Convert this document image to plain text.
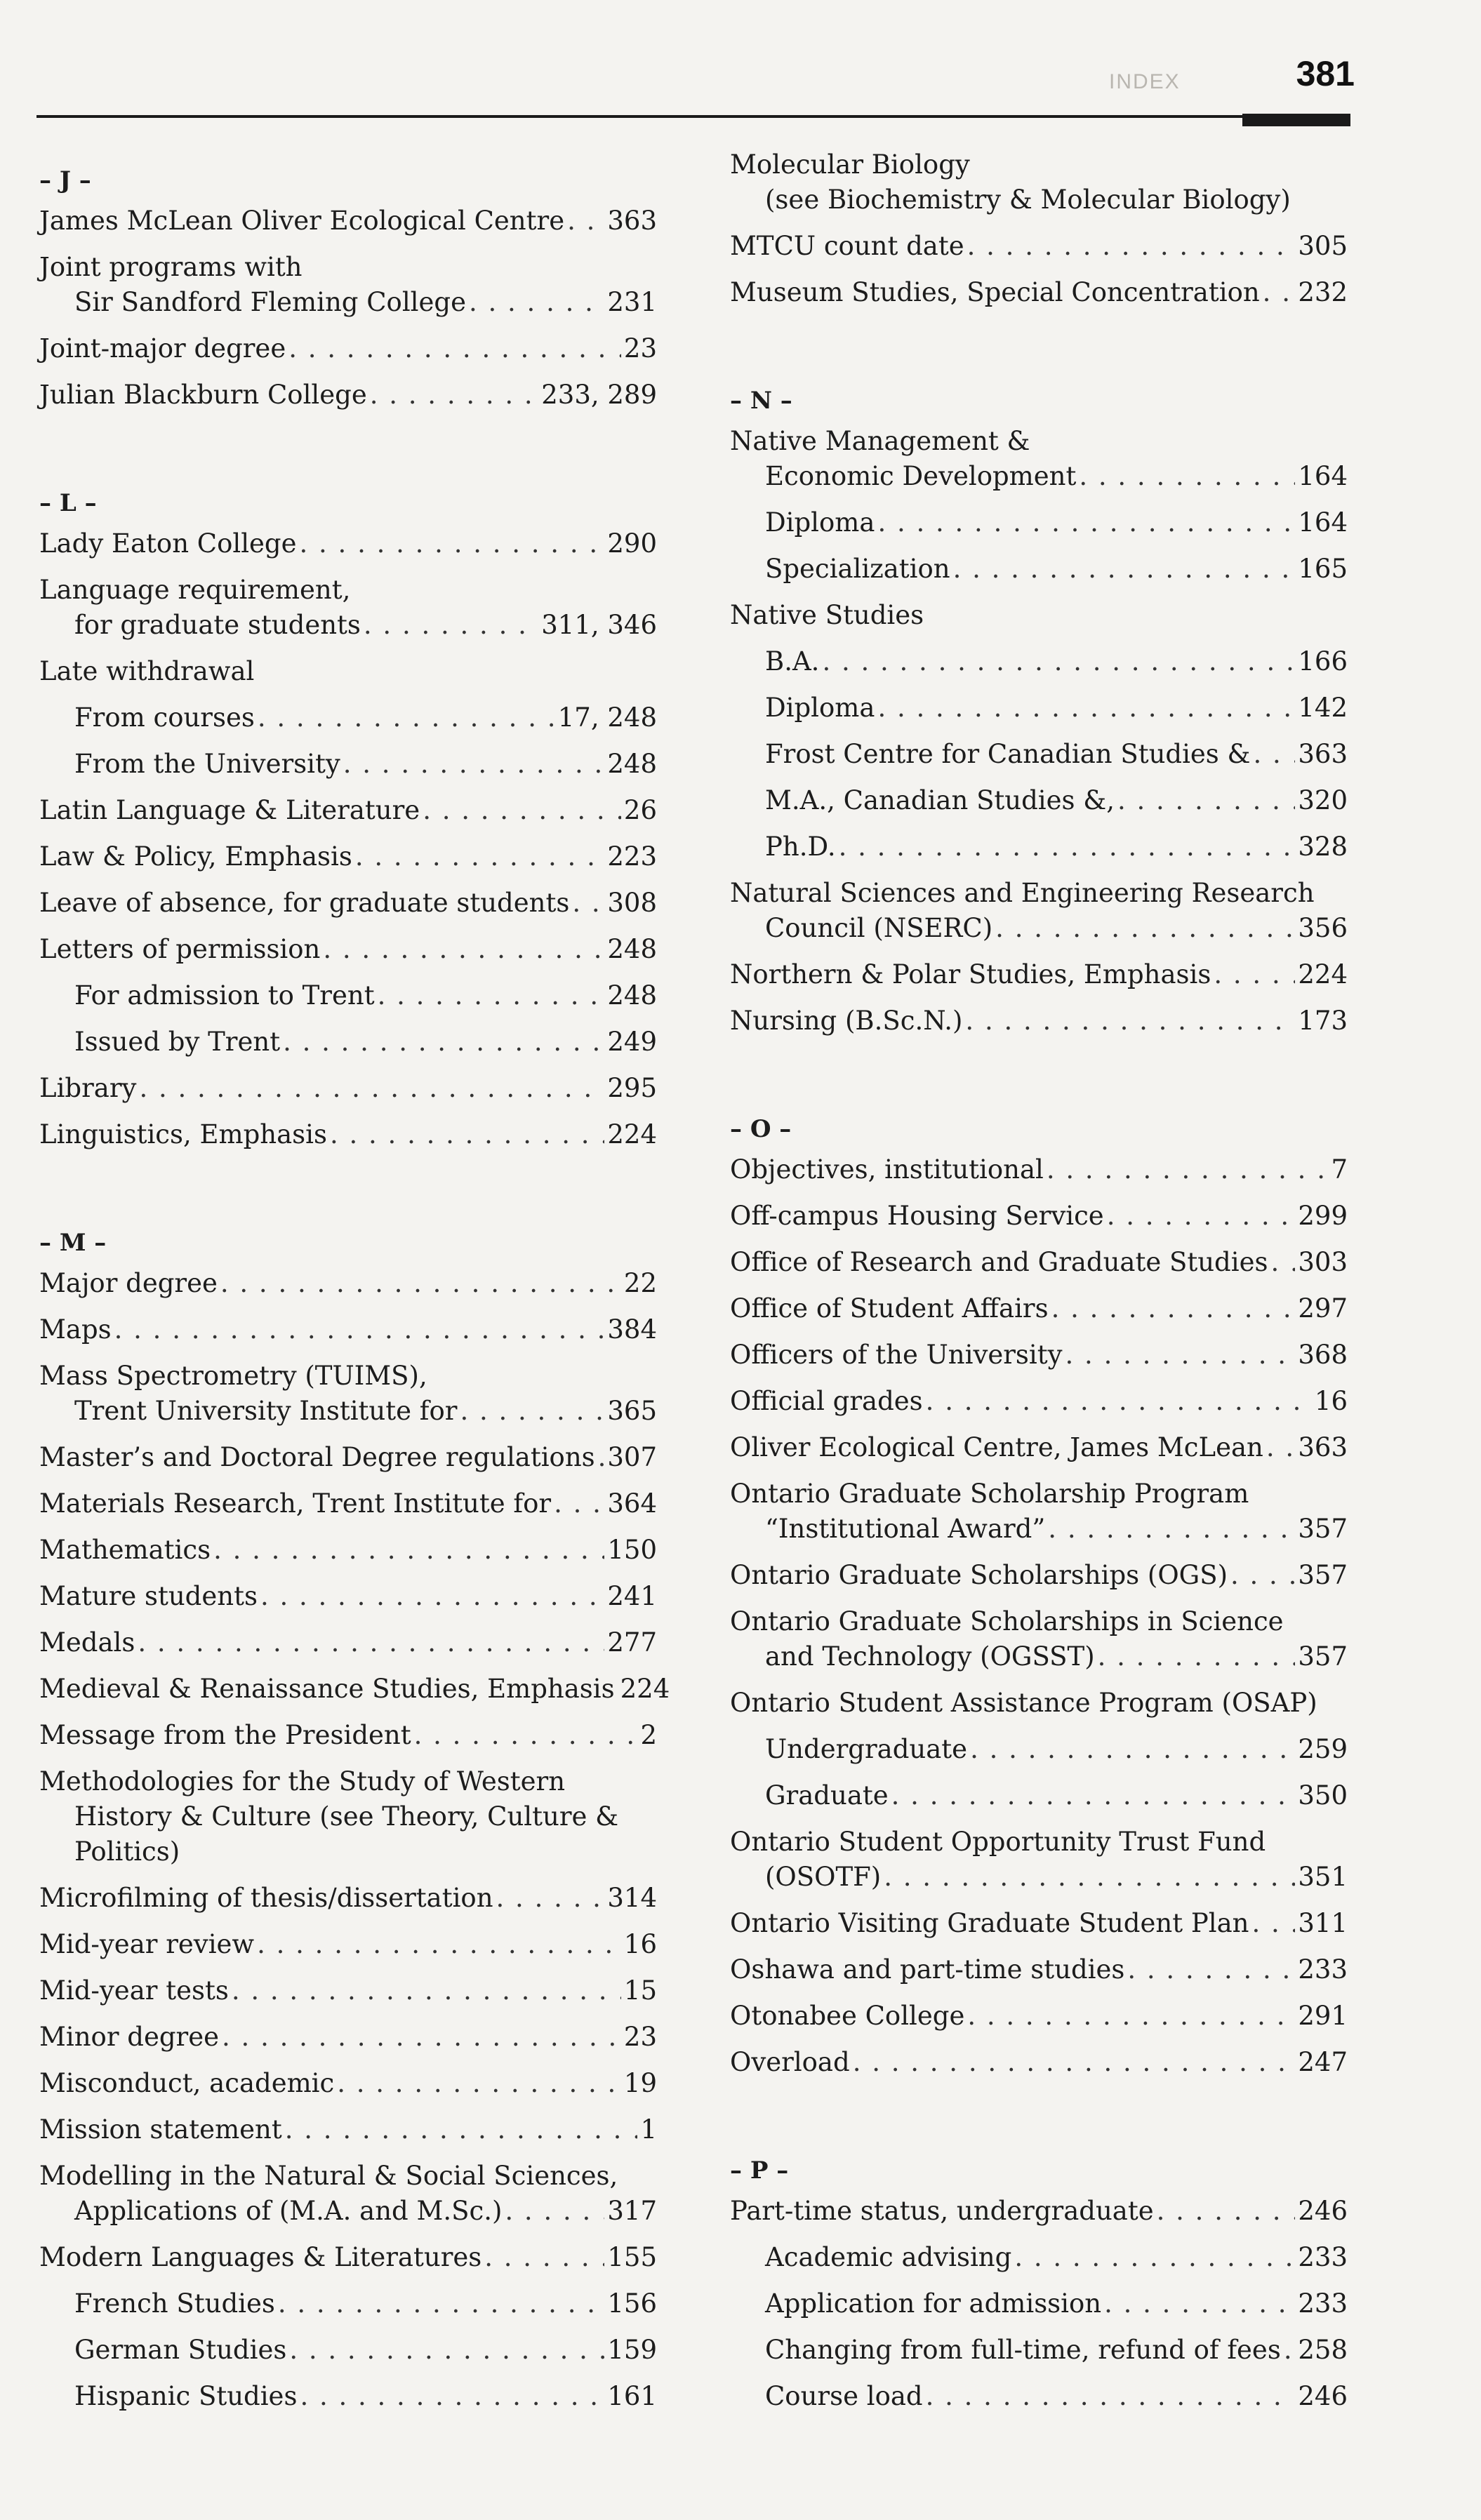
INDEX	381
– J –
James McLean Oliver Ecological Centre . . . 363
Joint programs with
Sir Sandford Fleming College . . .	231
Joint-major degree . . .	23
Julian Blackburn College . . .	233, 289
– L –
Lady Eaton College . . .	290
Language requirement,
for graduate students . . .	311, 346
Late withdrawal
From courses . . .	17, 248
From the University . . .	248
Latin Language & Literature . . .	26
Law & Policy, Emphasis . . .	223
Leave of absence, for graduate students . . . 308
Letters of permission . . .	248
For admission to Trent . . .	248
Issued by Trent . . .	249
Library . . .	295
Linguistics, Emphasis . . .	224
– M –
Major degree . . .	22
Maps . . .	384
Mass Spectrometry (TUIMS),
Trent University Institute for . . .	365
Master’s and Doctoral Degree regulations . . . 307
Materials Research, Trent Institute for . . . 364
Mathematics . . .	150
Mature students . . .	241
Medals . . .	277
Medieval & Renaissance Studies, Emphasis 224
Message from the President . . .	2
Methodologies for the Study of Western
History & Culture (see Theory, Culture &
Politics)
Microfilming of thesis/dissertation . . .	314
Mid-year review . . .	16
Mid-year tests . . .	15
Minor degree . . .	23
Misconduct, academic . . .	19
Mission statement . . .	1
Modelling in the Natural & Social Sciences,
Applications of (M.A. and M.Sc.) . . .	317
Modern Languages & Literatures . . .	155
French Studies . . .	156
German Studies . . .	159
Hispanic Studies . . .	161
Molecular Biology
(see Biochemistry & Molecular Biology)
MTCU count date . . .	305
Museum Studies, Special Concentration . . . 232
– N –
Native Management &
Economic Development . . .	164
Diploma . . .	164
Specialization . . .	165
Native Studies
B.A. . . .	166
Diploma . . .	142
Frost Centre for Canadian Studies & . . . 363
M.A., Canadian Studies &, . . .	320
Ph.D. . . .	328
Natural Sciences and Engineering Research
Council (NSERC) . . .	356
Northern & Polar Studies, Emphasis . . .	224
Nursing (B.Sc.N.) . . .	173
– O –
Objectives, institutional . . .	7
Off-campus Housing Service . . .	299
Office of Research and Graduate Studies . . . 303
Office of Student Affairs . . .	297
Officers of the University . . .	368
Official grades . . .	16
Oliver Ecological Centre, James McLean . . . 363
Ontario Graduate Scholarship Program
“Institutional Award” . . .	357
Ontario Graduate Scholarships (OGS) . . .	357
Ontario Graduate Scholarships in Science
and Technology (OGSST) . . .	357
Ontario Student Assistance Program (OSAP)
Undergraduate . . .	259
Graduate . . .	350
Ontario Student Opportunity Trust Fund
(OSOTF) . . .	351
Ontario Visiting Graduate Student Plan . . . 311
Oshawa and part-time studies . . .	233
Otonabee College . . .	291
Overload . . .	247
– P –
Part-time status, undergraduate . . .	246
Academic advising . . .	233
Application for admission . . .	233
Changing from full-time, refund of fees . . . 258
Course load . . .	246
